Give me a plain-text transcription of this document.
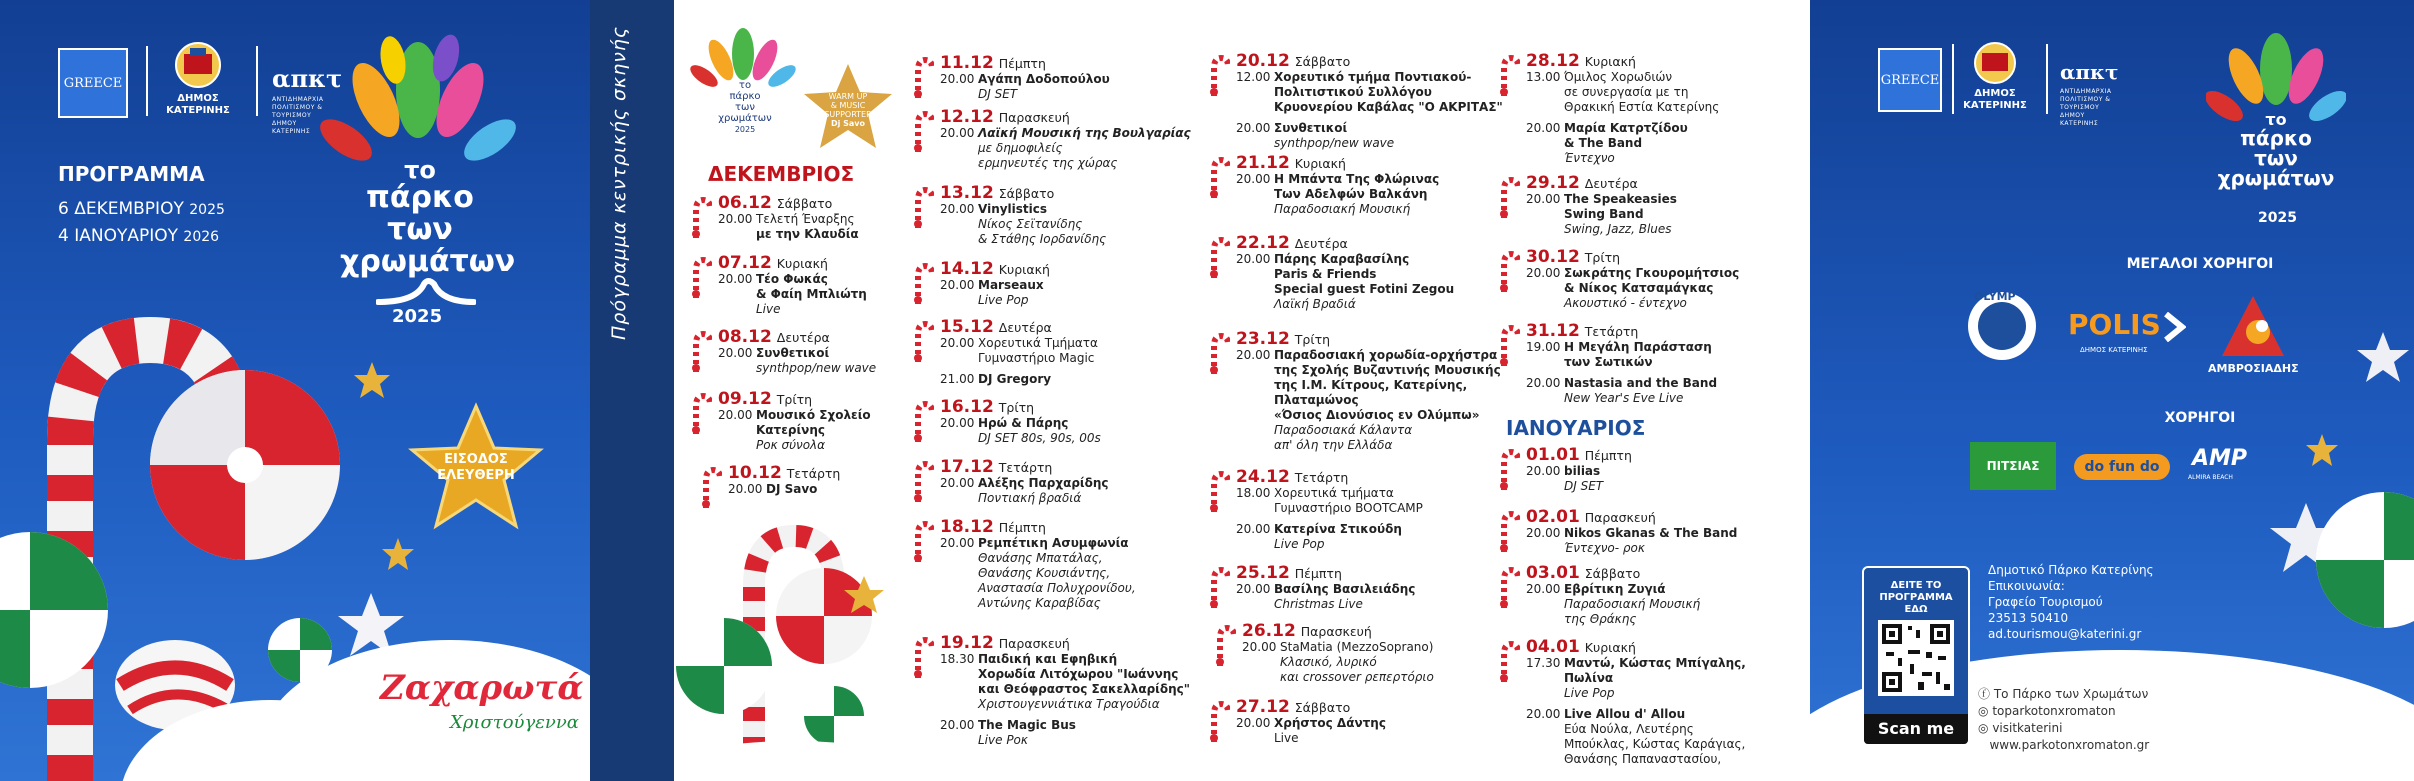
GREECE
ΔΗΜΟΣ ΚΑΤΕΡΙΝΗΣ
απκτ
ΑΝΤΙΔΗΜΑΡΧΙΑ ΠΟΛΙΤΙΣΜΟΥ & ΤΟΥΡΙΣΜΟΥ ΔΗΜΟΥ ΚΑΤΕΡΙΝΗΣ
ΠΡΟΓΡΑΜΜΑ
6 ΔΕΚΕΜΒΡΙΟΥ 2025
4 ΙΑΝΟΥΑΡΙΟΥ 2026
το
πάρκο
των
χρωμάτων
2025
ΕΙΣΟΔΟΣ
ΕΛΕΥΘΕΡΗ
Ζαχαρωτά
Χριστούγεννα
Πρόγραμμα κεντρικής σκηνής	το
πάρκο
των
χρωμάτων
2025
WARM UP
& MUSIC
SUPPORTER
Dj Savo
ΔΕΚΕΜΒΡΙΟΣ
ΙΑΝΟΥΑΡΙΟΣ
06.12 Σάββατο
20.00 Τελετή Έναρξης
με την Κλαυδία
07.12 Κυριακή
20.00 Τέο Φωκάς
& Φαίη Μπλιώτη
Live
08.12 Δευτέρα
20.00 Συνθετικοί
synthpop/new wave
09.12 Τρίτη
20.00 Μουσικό Σχολείο
Κατερίνης
Ροκ σύνολα
10.12 Τετάρτη
20.00 DJ Savo
11.12 Πέμπτη
20.00 Αγάπη Δοδοπούλου
DJ SET
12.12 Παρασκευή
20.00 Λαϊκή Μουσική της Βουλγαρίας
με δημοφιλείς
ερμηνευτές της χώρας
13.12 Σάββατο
20.00 Vinylistics
Νίκος Σεϊτανίδης
& Στάθης Ιορδανίδης
14.12 Κυριακή
20.00 Marseaux
Live Pop
15.12 Δευτέρα
20.00 Χορευτικά Τμήματα
Γυμναστήριο Magic
21.00 DJ Gregory
16.12 Τρίτη
20.00 Ηρώ & Πάρης
DJ SET 80s, 90s, 00s
17.12 Τετάρτη
20.00 Αλέξης Παρχαρίδης
Ποντιακή βραδιά
18.12 Πέμπτη
20.00 Ρεμπέτικη Ασυμφωνία
Θανάσης Μπατάλας,
Θανάσης Κουσιάντης,
Αναστασία Πολυχρονίδου,
Αντώνης Καραβίδας
19.12 Παρασκευή
18.30 Παιδική και Εφηβική
Χορωδία Λιτόχωρου "Ιωάννης
και Θεόφραστος Σακελλαρίδης"
Χριστουγεννιάτικα Τραγούδια
20.00 The Magic Bus
Live Ροκ
20.12 Σάββατο
12.00 Χορευτικό τμήμα Ποντιακού-
Πολιτιστικού Συλλόγου
Κρυονερίου Καβάλας "Ο ΑΚΡΙΤΑΣ"
20.00 Συνθετικοί
synthpop/new wave
21.12 Κυριακή
20.00 Η Μπάντα Της Φλώρινας
Των Αδελφών Βαλκάνη
Παραδοσιακή Μουσική
22.12 Δευτέρα
20.00 Πάρης Καραβασίλης
Paris & Friends
Special guest Fotini Zegou
Λαϊκή Βραδιά
23.12 Τρίτη
20.00 Παραδοσιακή χορωδία-ορχήστρα
της Σχολής Βυζαντινής Μουσικής
της Ι.Μ. Κίτρους, Κατερίνης,
Πλαταμώνος
«Όσιος Διονύσιος εν Ολύμπω»
Παραδοσιακά Κάλαντα
απ' όλη την Ελλάδα
24.12 Τετάρτη
18.00 Χορευτικά τμήματα
Γυμναστήριο BOOTCAMP
20.00 Κατερίνα Στικούδη
Live Pop
25.12 Πέμπτη
20.00 Βασίλης Βασιλειάδης
Christmas Live
26.12 Παρασκευή
20.00 StaMatia (MezzoSoprano)
Κλασικό, λυρικό
και crossover ρεπερτόριο
27.12 Σάββατο
20.00 Χρήστος Δάντης
Live
28.12 Κυριακή
13.00 Όμιλος Χορωδιών
σε συνεργασία με τη
Θρακική Εστία Κατερίνης
20.00 Μαρία Κατρτζίδου
& The Band
Έντεχνο
29.12 Δευτέρα
20.00 The Speakeasies
Swing Band
Swing, Jazz, Blues
30.12 Τρίτη
20.00 Σωκράτης Γκουρομήτσιος
& Νίκος Κατσαμάγκας
Ακουστικό - έντεχνο
31.12 Τετάρτη
19.00 Η Μεγάλη Παράσταση
των Σωτικών
20.00 Nastasia and the Band
New Year's Eve Live
01.01 Πέμπτη
20.00 bilias
DJ SET
02.01 Παρασκευή
20.00 Nikos Gkanas & The Band
Έντεχνο- ροκ
03.01 Σάββατο
20.00 Εβρίτικη Ζυγιά
Παραδοσιακή Μουσική
της Θράκης
04.01 Κυριακή
17.30 Μαντώ, Κώστας Μπίγαλης, Πωλίνα
Live Pop
20.00 Live Allou d' Allou
Εύα Νούλα, Λευτέρης
Μπούκλας, Κώστας Καράγιας,
Θανάσης Παπαναστασίου,
GREECE
ΔΗΜΟΣ ΚΑΤΕΡΙΝΗΣ
απκτ
ΑΝΤΙΔΗΜΑΡΧΙΑ ΠΟΛΙΤΙΣΜΟΥ & ΤΟΥΡΙΣΜΟΥ ΔΗΜΟΥ ΚΑΤΕΡΙΝΗΣ	το
πάρκο
των
χρωμάτων
2025
ΜΕΓΑΛΟΙ ΧΟΡΗΓΟΙ
OLYMP
POLIS
ΔΗΜΟΣ ΚΑΤΕΡΙΝΗΣ
ΑΜΒΡΟΣΙΑΔΗΣ
ΧΟΡΗΓΟΙ
ΠΙΤΣΙΑΣ	do fun do	AMP
ALMIRA BEACH
ΔΕΙΤΕ ΤΟ
ΠΡΟΓΡΑΜΜΑ
ΕΔΩ
Scan me
Δημοτικό Πάρκο Κατερίνης
Επικοινωνία:
Γραφείο Τουρισμού
23513 50410
ad.tourismou@katerini.gr
ⓕ Το Πάρκο των Χρωμάτων
◎ toparkotonxromaton
◎ visitkaterini
www.parkotonxromaton.gr
